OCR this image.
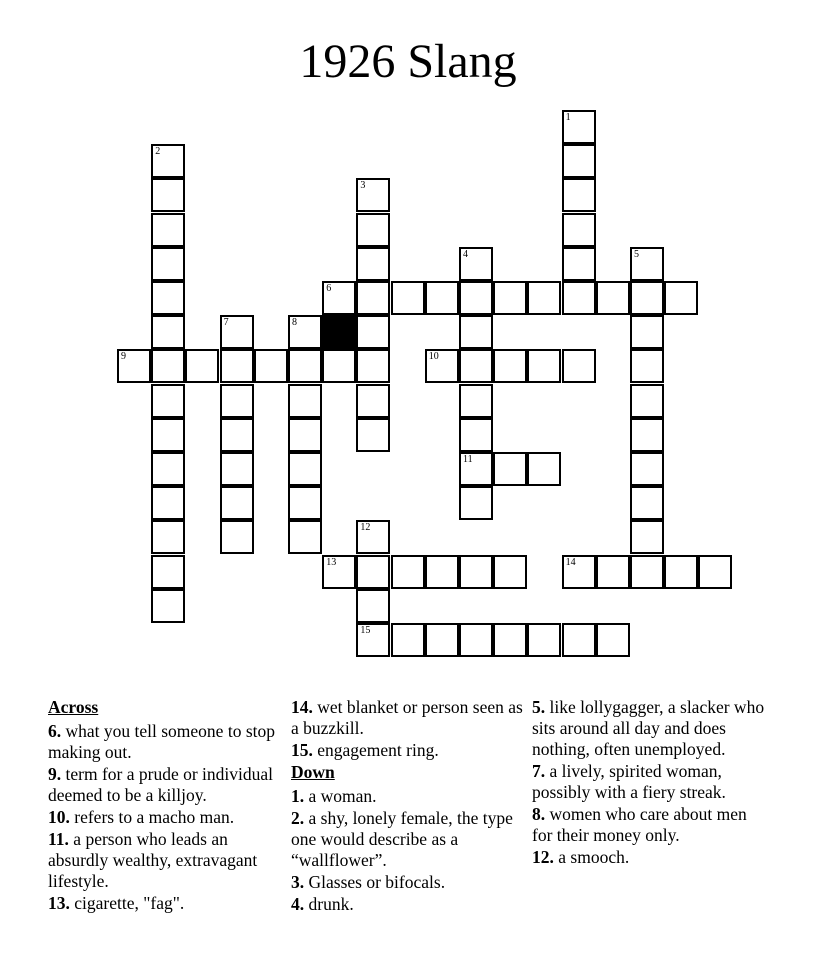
1926 Slang
1
2
3
4
11
5
6
7	8
9	10
12
15
13	14
Across
6. what you tell someone to stop making out.
9. term for a prude or individual deemed to be a killjoy.
10. refers to a macho man.
11. a person who leads an absurdly wealthy, extravagant lifestyle.
13. cigarette, "fag".
14. wet blanket or person seen as a buzzkill.
15. engagement ring.
Down
1. a woman.
2. a shy, lonely female, the type one would describe as a “wallflower”.
3. Glasses or bifocals.
4. drunk.
5. like lollygagger, a slacker who sits around all day and does nothing, often unemployed.
7. a lively, spirited woman, possibly with a fiery streak.
8. women who care about men for their money only.
12. a smooch.
